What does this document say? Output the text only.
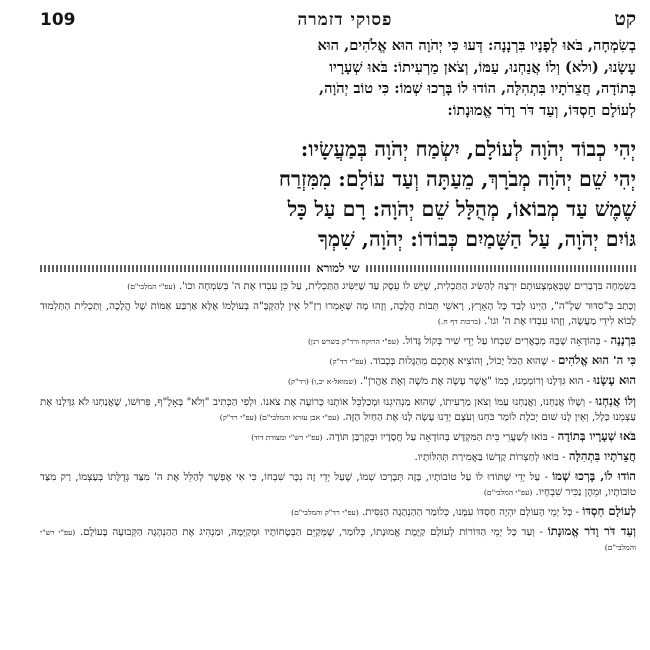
קט
פסוקי דזמרה
109

בְשִׂמְחָה, בֹּאוּ לְפָנָיו בִּרְנָנָה: דְּעוּ כִּי יְהֹוָה הוּא אֱלֹהִים, הוּא

עָשָׂנוּ, (ולא) וְלוֹ אֲנַחְנוּ, עַמּוֹ, וְצֹאן מַרְעִיתוֹ: בֹּאוּ שְׁעָרָיו

בְּתוֹדָה, חֲצֵרֹתָיו בִּתְהִלָּה, הוֹדוּ לוֹ בָּרְכוּ שְׁמוֹ: כִּי טוֹב יְהֹוָה,

לְעוֹלָם חַסְדּוֹ, וְעַד דֹּר וָדֹר אֱמוּנָתוֹ:

יְהִי כְבוֹד יְהֹוָה לְעוֹלָם, יִשְׂמַח יְהֹוָה בְּמַעֲשָׂיו:

יְהִי שֵׁם יְהֹוָה מְבֹרָךְ, מֵעַתָּה וְעַד עוֹלָם: מִמִּזְרַח

שֶׁמֶשׁ עַד מְבוֹאוֹ, מְהֻלָּל שֵׁם יְהֹוָה: רָם עַל כָּל

גּוֹיִם יְהֹוָה, עַל הַשָּׁמַיִם כְּבוֹדוֹ: יְהֹוָה, שִׁמְךָ

שי למורא

בִּשְׂמְחָה בִּדְבָרִים שֶׁבְּאֶמְצָעוּתָם יִרְצֶה לְהַשִּׂיג הַתַּכְלִית, שֶׁיֵּשׁ לוֹ עֵסֶק עַד שֶׁיַּשִּׂיג הַתַּכְלִית, עַל כֵּן עִבְדוּ אֶת ה' בְּשִׂמְחָה וכו'. (עפ"י המלבי"ם)

וְכָתַב בְּ"סִדּוּר שְׁלָ"ה", הַיְינוּ לְבַד כָּל הָאָרֶץ, רָאשֵׁי תֵּבוֹת הֲלָכָה, וְזֶהוּ מָה שֶּׁאָמְרוּ רַזַ"ל אֵין לְהַקָּבָּ"ה בְּעוֹלָמוֹ אֶלָּא אַרְבַּע אַמּוֹת שֶׁל הֲלָכָה, וְתַכְלִית הַתַּלְמוּד לָבוֹא לִידֵי מַעֲשֶׂה, וְזֶהוּ עִבְדוּ אֶת ה' וגו'. (ברכות דף ח.)

בִּרְנָנָה - בְּהוֹדָאָה שֶׁבָּהּ מְבָאֲרִים שִׁבְחוֹ עַל יְדֵי שִׁיר בְּקוֹל גָּדוֹל. (עפ"י הרוקח ורד"ק בשרש רנן)

כִּי ה' הוּא אֱלֹהִים - שֶׁהוּא הַכֹּל יָכוֹל, וְהוֹצִיא אֶתְכֶם מֵהַגָּלוּת בְּכָבוֹד. (עפ"י רד"ק)

הוּא עָשָׂנוּ - הוּא גִּדְּלָנוּ וְרוֹמְמָנוּ, כְּמוֹ "אֲשֶׁר עָשָׂה אֶת מֹשֶׁה וְאֶת אַהֲרֹן". (שמואל-א יב,ו) (רד"ק)

וְלוֹ אֲנַחְנוּ - וְשֶׁלּוֹ אֲנַחְנוּ, וַאֲנַחְנוּ עַמּוֹ וְצֹאן מַרְעִיתוֹ, שֶׁהוּא מַנְהִיגֵנוּ וּמְכַלְכֵּל אוֹתָנוּ כְּרוֹעֶה אֶת צֹאנוֹ. וּלְפִי הַכְּתִיב "וְלֹא" בְּאָלֶ"ף, פֵּרוּשׁוֹ, שֶׁאֲנַחְנוּ לֹא גִּדַּלְנוּ אֶת עַצְמֵנוּ כְּלָל, וְאֵין לָנוּ שׁוּם יְכֹלֶת לוֹמַר כֹּחֵנוּ וְעֹצֶם יָדֵנוּ עָשָׂה לָנוּ אֶת הַחַיִל הַזֶּה. (עפ"י אבן עזרא והמלבי"ם) (עפ"י רד"ק)

בֹּאוּ שְׁעָרָיו בְּתוֹדָה - בּוֹאוּ לְשַׁעֲרֵי בֵּית הַמִּקְדָּשׁ בְּהוֹדָאָה עַל חֲסָדָיו וּבְקָרְבַּן תּוֹדָה. (עפ"י רש"י ומצודת דוד)

חֲצֵרֹתָיו בִּתְהִלָּה - בּוֹאוּ לְחַצְרוֹת קָדְשׁוֹ בַּאֲמִירַת תְּהִלּוֹתָיו.

הוֹדוּ לוֹ, בָּרְכוּ שְׁמוֹ - עַל יְדֵי שֶׁתּוֹדוּ לוֹ עַל טוֹבוֹתָיו, בָּזֶה תְּבָרְכוּ שְׁמוֹ, שֶׁעַל יְדֵי זֶה נִכָּר שִׁבְחוֹ, כִּי אִי אֶפְשָׁר לְהַלֵּל אֶת ה' מִצַּד גְּדֻלָּתוֹ בְּעַצְמוֹ, רַק מִצַּד טוֹבוֹתָיו, וּמֵהֶן נַכִּיר שִׁבְחָיו. (עפ"י המלבי"ם)

לְעוֹלָם חַסְדּוֹ - כָּל יְמֵי הָעוֹלָם יִהְיֶה חַסְדּוֹ עִמָּנוּ, כְּלוֹמַר הַהַנְהָגָה הַנִּסִּית. (עפ"י רד"ק והמלבי"ם)

וְעַד דֹּר וָדֹר אֱמוּנָתוֹ - וְעַד כָּל יְמֵי הַדּוֹרוֹת לְעוֹלָם קַיֶּמֶת אֱמוּנָתוֹ, כְּלוֹמַר, שֶׁמְּקַיֵּם הַבְטָחוֹתָיו וּמְקַיְּמָהּ, וּמַנְהִיג אֶת הַהַנְהָגָה הַקְּבוּעָה בָּעוֹלָם. (עפ"י רש"י והמלבי"ם)
